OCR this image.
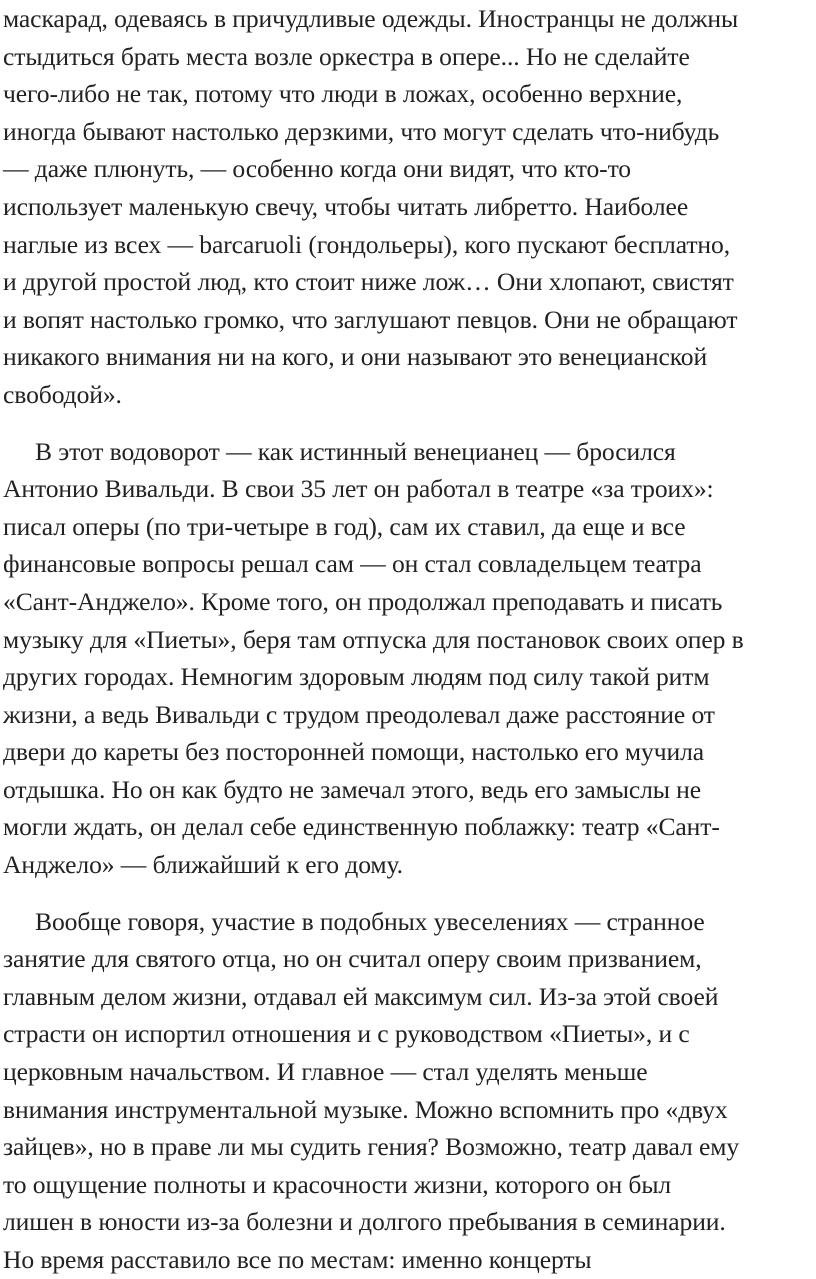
маскарад, одеваясь в причудливые одежды. Иностранцы не должны
стыдиться брать места возле оркестра в опере... Но не сделайте
чего-либо не так, потому что люди в ложах, особенно верхние,
иногда бывают настолько дерзкими, что могут сделать что-нибудь
— даже плюнуть, — особенно когда они видят, что кто-то
использует маленькую свечу, чтобы читать либретто. Наиболее
наглые из всех — barcaruoli (гондольеры), кого пускают бесплатно,
и другой простой люд, кто стоит ниже лож… Они хлопают, свистят
и вопят настолько громко, что заглушают певцов. Они не обращают
никакого внимания ни на кого, и они называют это венецианской
свободой».
В этот водоворот — как истинный венецианец — бросился
Антонио Вивальди. В свои 35 лет он работал в театре «за троих»:
писал оперы (по три-четыре в год), сам их ставил, да еще и все
финансовые вопросы решал сам — он стал совладельцем театра
«Сант-Анджело». Кроме того, он продолжал преподавать и писать
музыку для «Пиеты», беря там отпуска для постановок своих опер в
других городах. Немногим здоровым людям под силу такой ритм
жизни, а ведь Вивальди с трудом преодолевал даже расстояние от
двери до кареты без посторонней помощи, настолько его мучила
отдышка. Но он как будто не замечал этого, ведь его замыслы не
могли ждать, он делал себе единственную поблажку: театр «Сант-
Анджело» — ближайший к его дому.
Вообще говоря, участие в подобных увеселениях — странное
занятие для святого отца, но он считал оперу своим призванием,
главным делом жизни, отдавал ей максимум сил. Из-за этой своей
страсти он испортил отношения и с руководством «Пиеты», и с
церковным начальством. И главное — стал уделять меньше
внимания инструментальной музыке. Можно вспомнить про «двух
зайцев», но в праве ли мы судить гения? Возможно, театр давал ему
то ощущение полноты и красочности жизни, которого он был
лишен в юности из-за болезни и долгого пребывания в семинарии.
Но время расставило все по местам: именно концерты
